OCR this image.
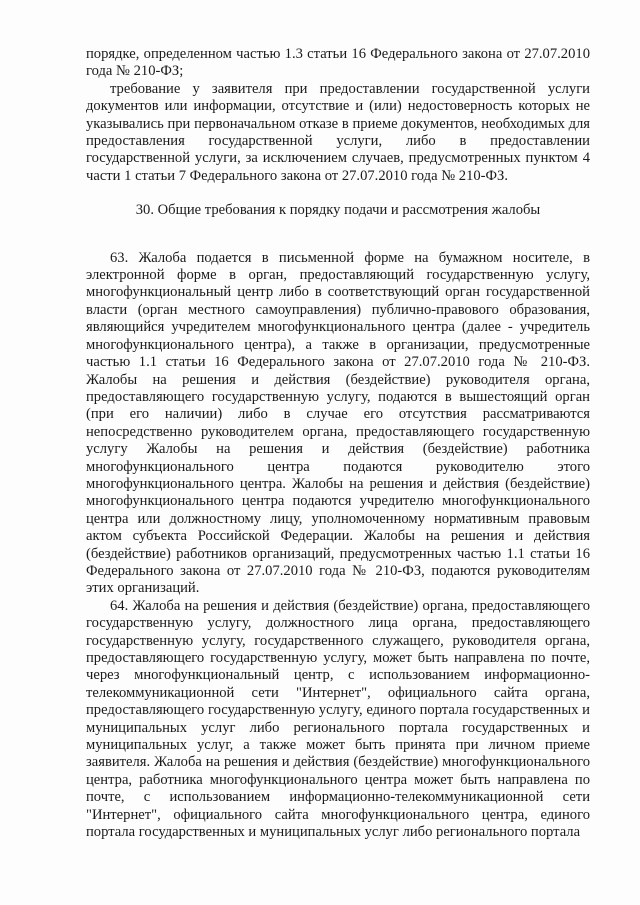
порядке, определенном частью 1.3 статьи 16 Федерального закона от 27.07.2010 года № 210-ФЗ;

требование у заявителя при предоставлении государственной услуги документов или информации, отсутствие и (или) недостоверность которых не указывались при первоначальном отказе в приеме документов, необходимых для предоставления государственной услуги, либо в предоставлении государственной услуги, за исключением случаев, предусмотренных пунктом 4 части 1 статьи 7 Федерального закона от 27.07.2010 года № 210-ФЗ.

30. Общие требования к порядку подачи и рассмотрения жалобы

63. Жалоба подается в письменной форме на бумажном носителе, в электронной форме в орган, предоставляющий государственную услугу, многофункциональный центр либо в соответствующий орган государственной власти (орган местного самоуправления) публично-правового образования, являющийся учредителем многофункционального центра (далее - учредитель многофункционального центра), а также в организации, предусмотренные частью 1.1 статьи 16 Федерального закона от 27.07.2010 года № 210-ФЗ. Жалобы на решения и действия (бездействие) руководителя органа, предоставляющего государственную услугу, подаются в вышестоящий орган (при его наличии) либо в случае его отсутствия рассматриваются непосредственно руководителем органа, предоставляющего государственную услугу Жалобы на решения и действия (бездействие) работника многофункционального центра подаются руководителю этого многофункционального центра. Жалобы на решения и действия (бездействие) многофункционального центра подаются учредителю многофункционального центра или должностному лицу, уполномоченному нормативным правовым актом субъекта Российской Федерации. Жалобы на решения и действия (бездействие) работников организаций, предусмотренных частью 1.1 статьи 16 Федерального закона от 27.07.2010 года № 210-ФЗ, подаются руководителям этих организаций.

64. Жалоба на решения и действия (бездействие) органа, предоставляющего государственную услугу, должностного лица органа, предоставляющего государственную услугу, государственного служащего, руководителя органа, предоставляющего государственную услугу, может быть направлена по почте, через многофункциональный центр, с использованием информационно-телекоммуникационной сети "Интернет", официального сайта органа, предоставляющего государственную услугу, единого портала государственных и муниципальных услуг либо регионального портала государственных и муниципальных услуг, а также может быть принята при личном приеме заявителя. Жалоба на решения и действия (бездействие) многофункционального центра, работника многофункционального центра может быть направлена по почте, с использованием информационно-телекоммуникационной сети "Интернет", официального сайта многофункционального центра, единого портала государственных и муниципальных услуг либо регионального портала
